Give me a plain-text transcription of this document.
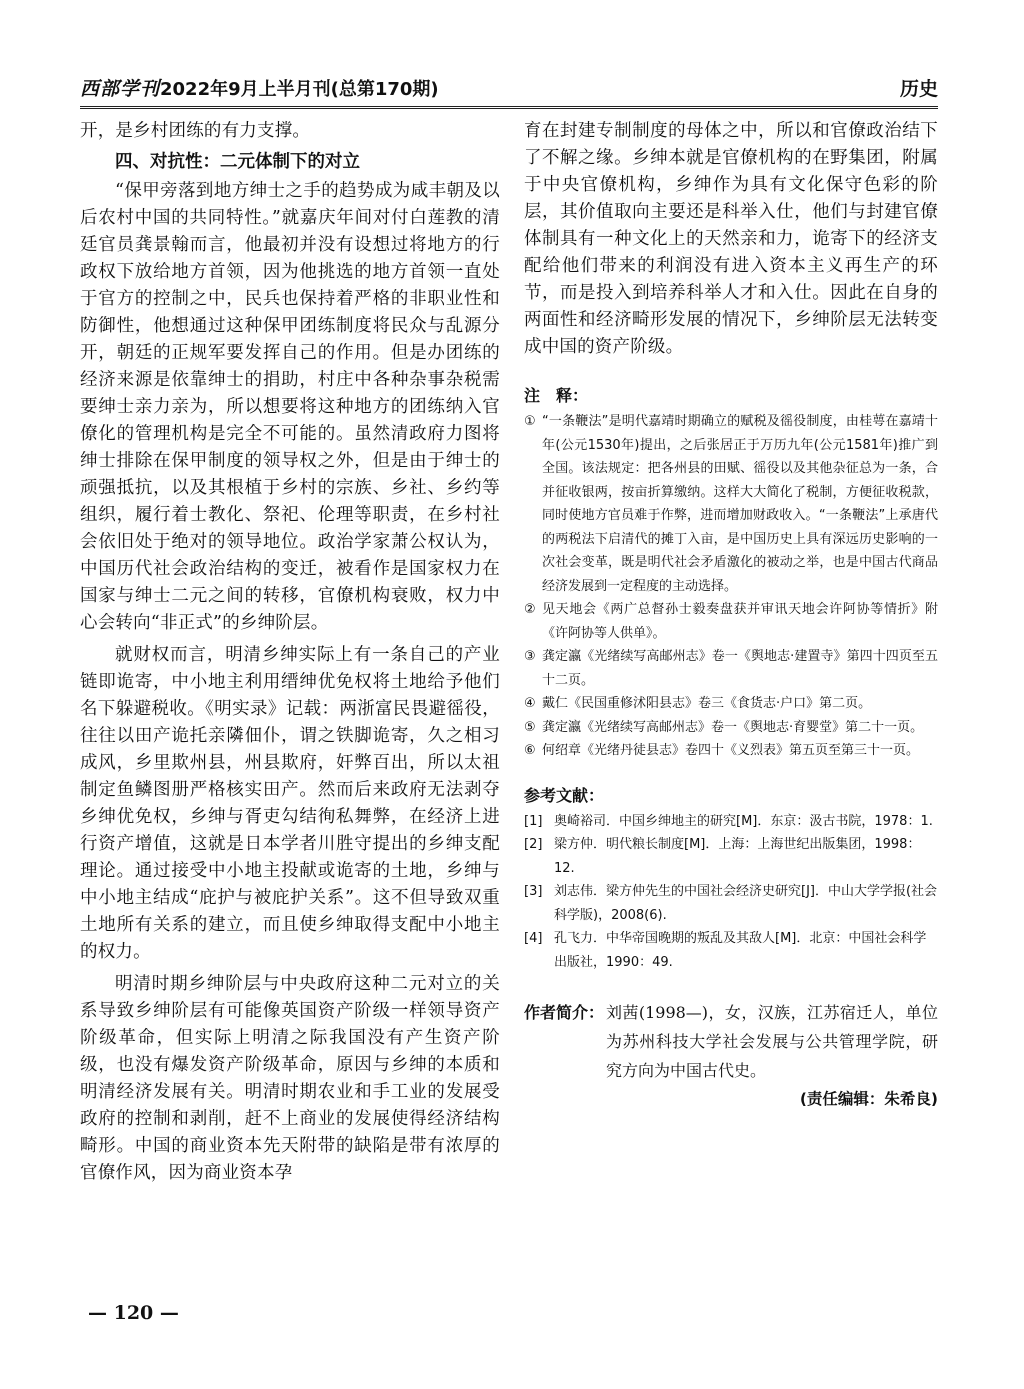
西部学刊 2022年9月上半月刊(总第170期)	历史

开，是乡村团练的有力支撑。

四、对抗性：二元体制下的对立

“保甲旁落到地方绅士之手的趋势成为咸丰朝及以后农村中国的共同特性。”就嘉庆年间对付白莲教的清廷官员龚景翰而言，他最初并没有设想过将地方的行政权下放给地方首领，因为他挑选的地方首领一直处于官方的控制之中，民兵也保持着严格的非职业性和防御性，他想通过这种保甲团练制度将民众与乱源分开，朝廷的正规军要发挥自己的作用。但是办团练的经济来源是依靠绅士的捐助，村庄中各种杂事杂税需要绅士亲力亲为，所以想要将这种地方的团练纳入官僚化的管理机构是完全不可能的。虽然清政府力图将绅士排除在保甲制度的领导权之外，但是由于绅士的顽强抵抗，以及其根植于乡村的宗族、乡社、乡约等组织，履行着士教化、祭祀、伦理等职责，在乡村社会依旧处于绝对的领导地位。政治学家萧公权认为，中国历代社会政治结构的变迁，被看作是国家权力在国家与绅士二元之间的转移，官僚机构衰败，权力中心会转向“非正式”的乡绅阶层。

就财权而言，明清乡绅实际上有一条自己的产业链即诡寄，中小地主利用缙绅优免权将土地给予他们名下躲避税收。《明实录》记载：两浙富民畏避徭役，往往以田产诡托亲隣佃仆，谓之铁脚诡寄，久之相习成风，乡里欺州县，州县欺府，奸弊百出，所以太祖制定鱼鳞图册严格核实田产。然而后来政府无法剥夺乡绅优免权，乡绅与胥吏勾结徇私舞弊，在经济上进行资产增值，这就是日本学者川胜守提出的乡绅支配理论。通过接受中小地主投献或诡寄的土地，乡绅与中小地主结成“庇护与被庇护关系”。这不但导致双重土地所有关系的建立，而且使乡绅取得支配中小地主的权力。

明清时期乡绅阶层与中央政府这种二元对立的关系导致乡绅阶层有可能像英国资产阶级一样领导资产阶级革命，但实际上明清之际我国没有产生资产阶级，也没有爆发资产阶级革命，原因与乡绅的本质和明清经济发展有关。明清时期农业和手工业的发展受政府的控制和剥削，赶不上商业的发展使得经济结构畸形。中国的商业资本先天附带的缺陷是带有浓厚的官僚作风，因为商业资本孕

育在封建专制制度的母体之中，所以和官僚政治结下了不解之缘。乡绅本就是官僚机构的在野集团，附属于中央官僚机构，乡绅作为具有文化保守色彩的阶层，其价值取向主要还是科举入仕，他们与封建官僚体制具有一种文化上的天然亲和力，诡寄下的经济支配给他们带来的利润没有进入资本主义再生产的环节，而是投入到培养科举人才和入仕。因此在自身的两面性和经济畸形发展的情况下，乡绅阶层无法转变成中国的资产阶级。

注　释：
① “一条鞭法”是明代嘉靖时期确立的赋税及徭役制度，由桂萼在嘉靖十年(公元1530年)提出，之后张居正于万历九年(公元1581年)推广到全国。该法规定：把各州县的田赋、徭役以及其他杂征总为一条，合并征收银两，按亩折算缴纳。这样大大简化了税制，方便征收税款，同时使地方官员难于作弊，进而增加财政收入。“一条鞭法”上承唐代的两税法下启清代的摊丁入亩，是中国历史上具有深远历史影响的一次社会变革，既是明代社会矛盾激化的被动之举，也是中国古代商品经济发展到一定程度的主动选择。
② 见天地会《两广总督孙士毅奏盘获并审讯天地会许阿协等情折》附《许阿协等人供单》。
③ 龚定瀛《光绪续写高邮州志》卷一《舆地志·建置寺》第四十四页至五十二页。
④ 戴仁《民国重修沭阳县志》卷三《食货志·户口》第二页。
⑤ 龚定瀛《光绪续写高邮州志》卷一《舆地志·育婴堂》第二十一页。
⑥ 何绍章《光绪丹徒县志》卷四十《义烈表》第五页至第三十一页。
参考文献：
[1] 奥崎裕司．中国乡绅地主的研究[M]．东京：汲古书院，1978：1.
[2] 梁方仲．明代粮长制度[M]．上海：上海世纪出版集团，1998：12.
[3] 刘志伟．梁方仲先生的中国社会经济史研究[J]．中山大学学报(社会科学版)，2008(6).
[4] 孔飞力．中华帝国晚期的叛乱及其敌人[M]．北京：中国社会科学出版社，1990：49.
作者简介： 刘茜(1998—)，女，汉族，江苏宿迁人，单位为苏州科技大学社会发展与公共管理学院，研究方向为中国古代史。
(责任编辑：朱希良)
— 120 —
